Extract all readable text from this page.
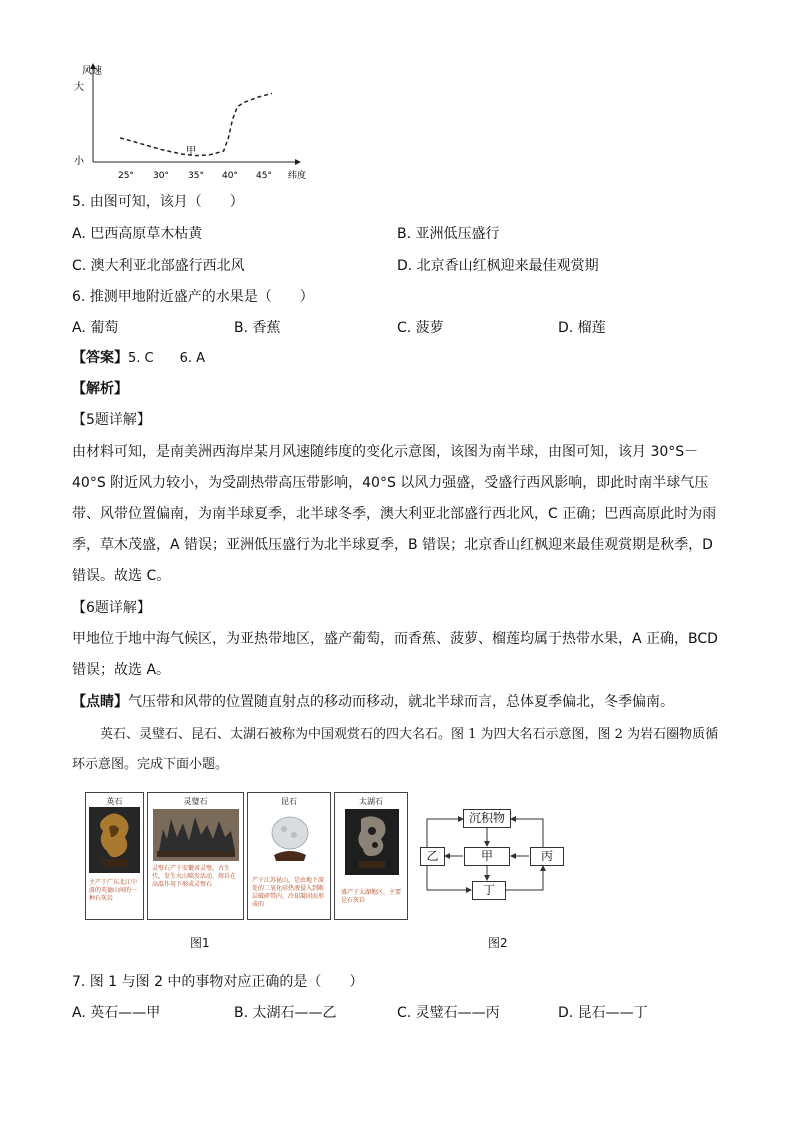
风速
大
小
25° 30° 35° 40° 45° 纬度
甲
5. 由图可知，该月（　　）
A. 巴西高原草木枯黄	B. 亚洲低压盛行
C. 澳大利亚北部盛行西北风	D. 北京香山红枫迎来最佳观赏期
6. 推测甲地附近盛产的水果是（　　）
A. 葡萄	B. 香蕉	C. 菠萝	D. 榴莲
【答案】5. C　　6. A
【解析】
【5题详解】
由材料可知，是南美洲西海岸某月风速随纬度的变化示意图，该图为南半球，由图可知，该月 30°S－40°S 附近风力较小，为受副热带高压带影响，40°S 以风力强盛，受盛行西风影响，即此时南半球气压带、风带位置偏南，为南半球夏季，北半球冬季，澳大利亚北部盛行西北风，C 正确；巴西高原此时为雨季，草木茂盛，A 错误；亚洲低压盛行为北半球夏季，B 错误；北京香山红枫迎来最佳观赏期是秋季，D 错误。故选 C。
【6题详解】
甲地位于地中海气候区，为亚热带地区，盛产葡萄，而香蕉、菠萝、榴莲均属于热带水果，A 正确，BCD 错误；故选 A。
【点睛】气压带和风带的位置随直射点的移动而移动，就北半球而言，总体夏季偏北，冬季偏南。
英石、灵璧石、昆石、太湖石被称为中国观赏石的四大名石。图 1 为四大名石示意图，图 2 为岩石圈物质循环示意图。完成下面小题。
英石
主产于广东北江中游的英德山间的一种石灰岩
灵璧石
灵璧石产于安徽省灵璧。古生代，发生火山喷发活动，熔岩在高温作用下形成灵璧石
昆石
产于江苏昆山，是由地下深处的二氧化硅热液侵入到断层破碎带内，冷却凝固而形成的
太湖石
盛产于太湖地区，主要是石灰岩
图1
沉积物
乙	甲	丙
丁
图2
7. 图 1 与图 2 中的事物对应正确的是（　　）
A. 英石——甲	B. 太湖石——乙	C. 灵璧石——丙	D. 昆石——丁
